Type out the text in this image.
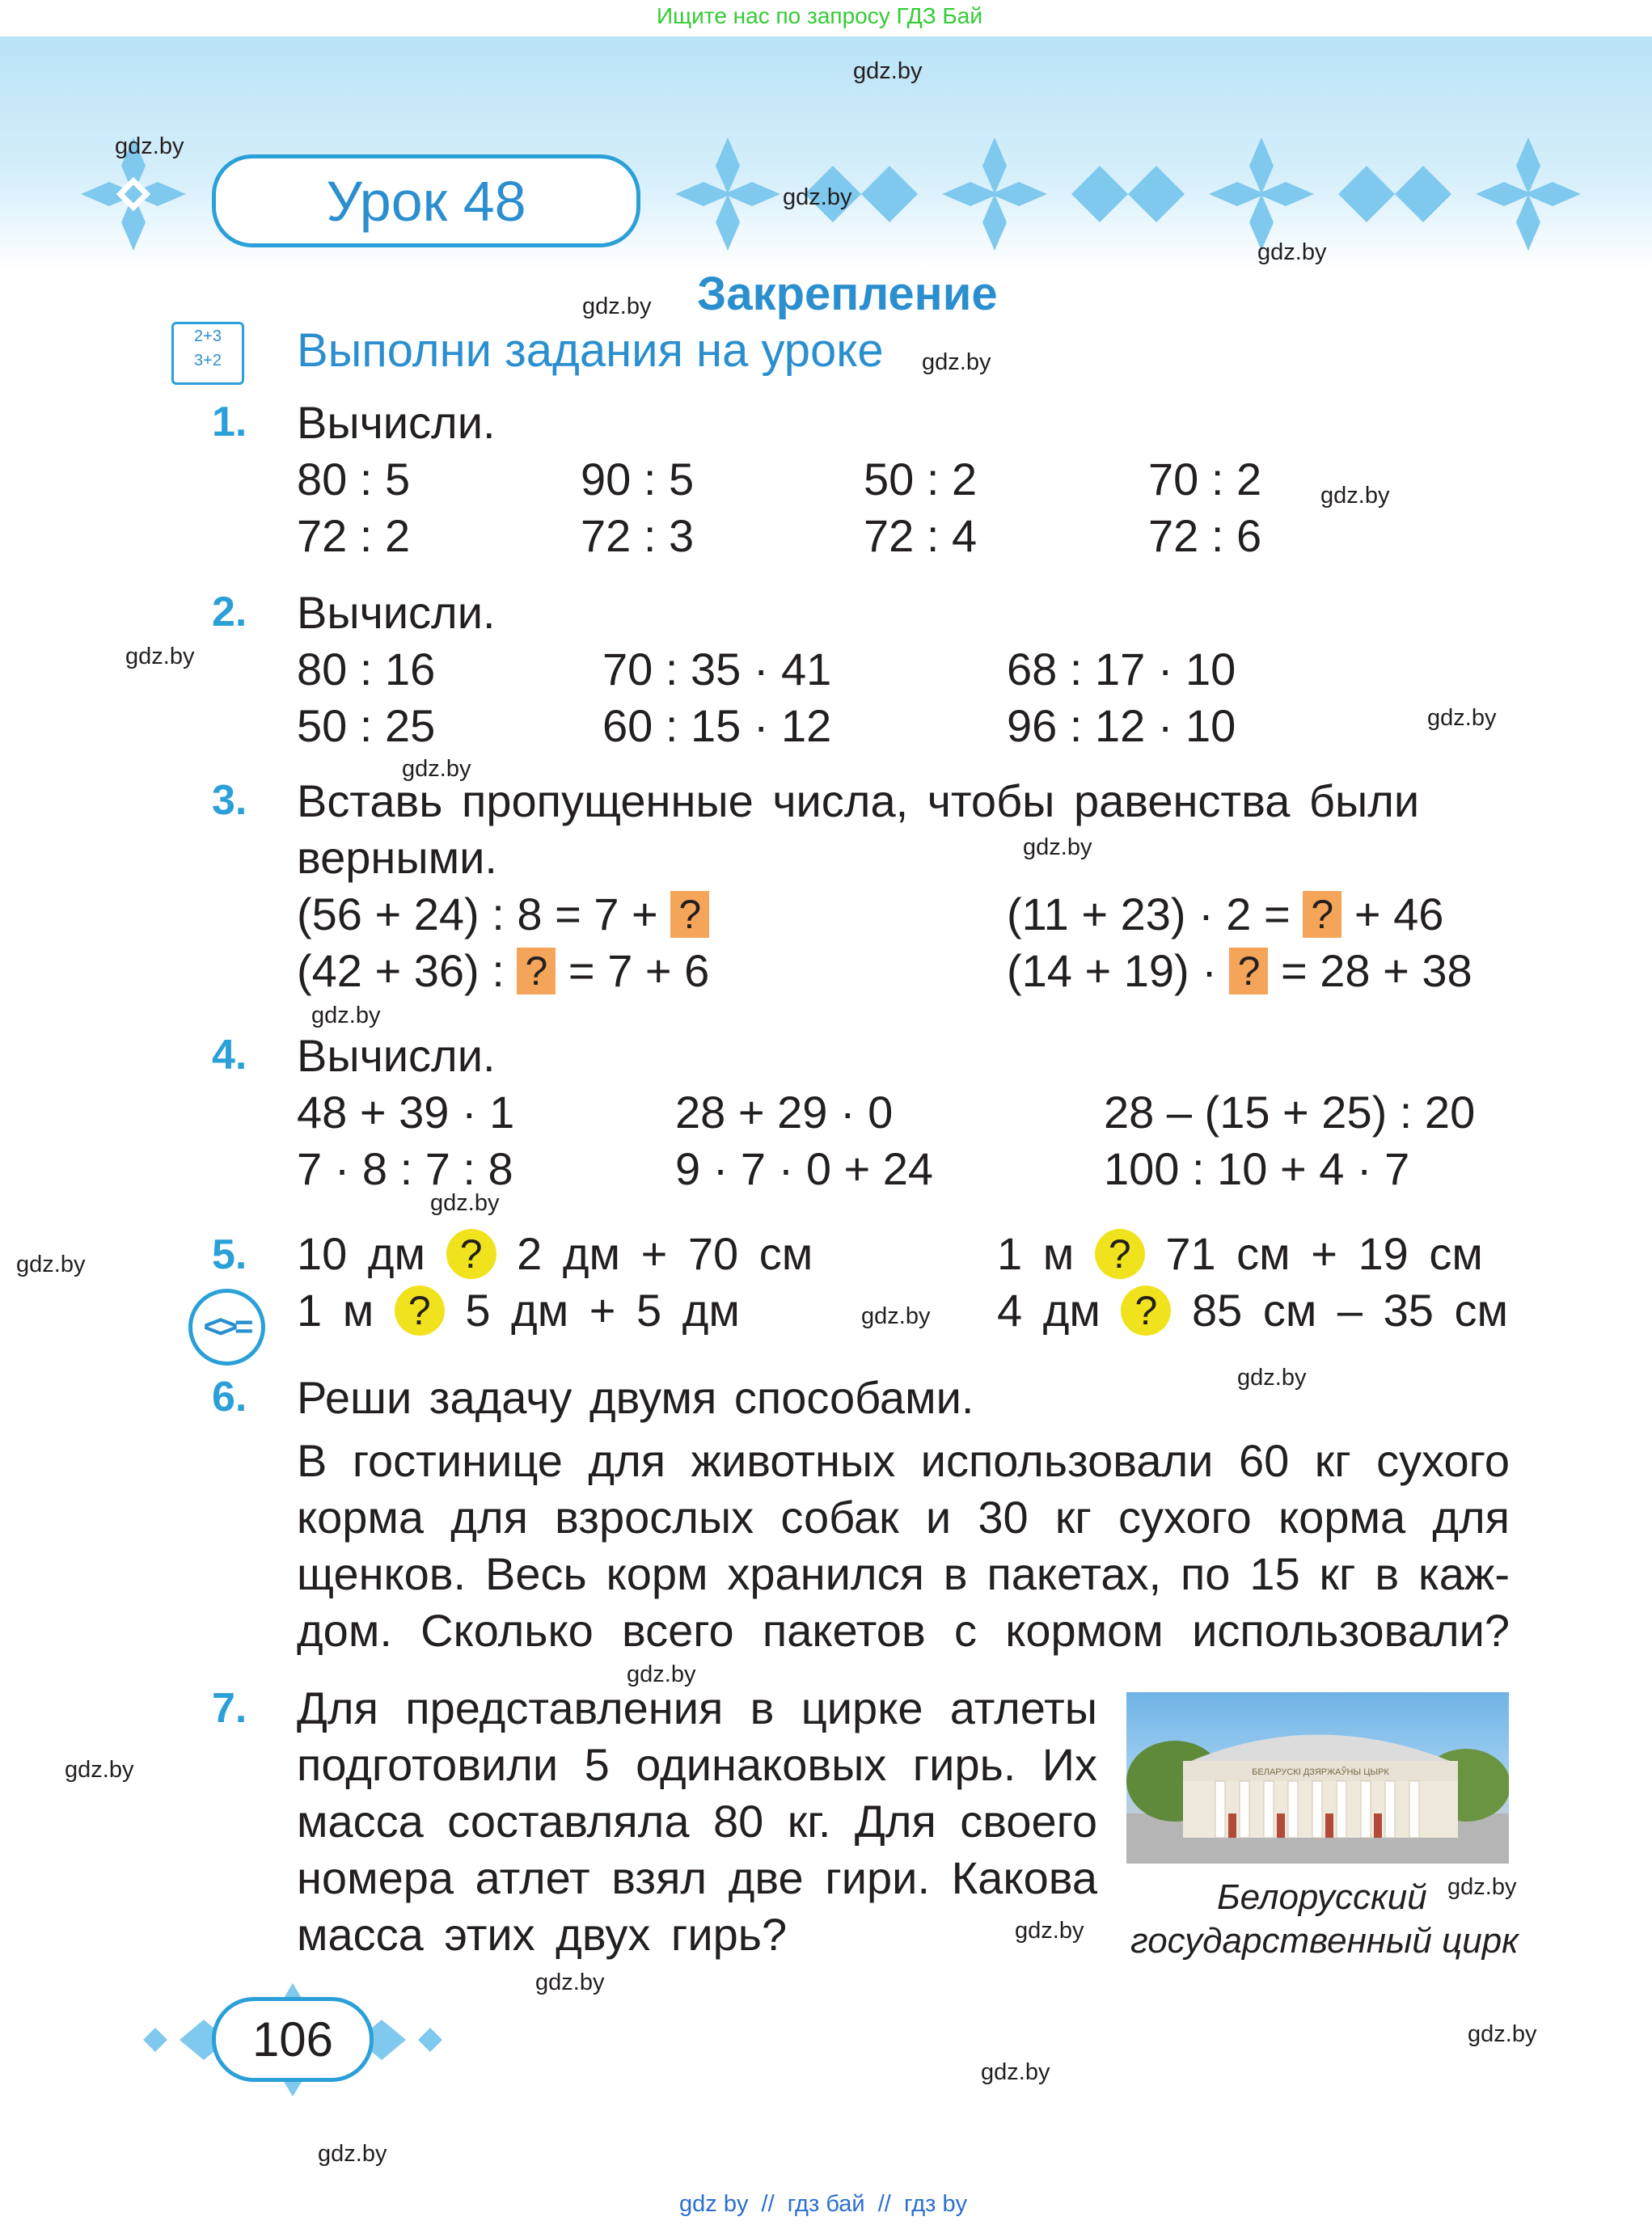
Ищите нас по запросу ГДЗ Бай
Урок 48
Закрепление
2+3
3+2	Выполни задания на уроке
1. Вычисли.
80 : 5	90 : 5	50 : 2	70 : 2
72 : 2	72 : 3	72 : 4	72 : 6
2. Вычисли.
80 : 16	70 : 35 · 41	68 : 17 · 10
50 : 25	60 : 15 · 12	96 : 12 · 10
3. Вставь пропущенные числа, чтобы равенства были
верными.
(56 + 24) : 8 = 7 + ?	(11 + 23) · 2 = ? + 46
(42 + 36) : ? = 7 + 6	(14 + 19) · ? = 28 + 38
4. Вычисли.
48 + 39 · 1	28 + 29 · 0	28 – (15 + 25) : 20
7 · 8 : 7 : 8	9 · 7 · 0 + 24	100 : 10 + 4 · 7
5.
<>=
10 дм ? 2 дм + 70 см	1 м ? 71 см + 19 см
1 м ? 5 дм + 5 дм	4 дм ? 85 см – 35 см
6. Реши задачу двумя способами.
В гостинице для животных использовали 60 кг сухого
корма для взрослых собак и 30 кг сухого корма для
щенков. Весь корм хранился в пакетах, по 15 кг в каж-
дом. Сколько всего пакетов с кормом использовали?
7. Для представления в цирке атлеты
подготовили 5 одинаковых гирь. Их
масса составляла 80 кг. Для своего
номера атлет взял две гири. Какова
масса этих двух гирь?
БЕЛАРУСКІ ДЗЯРЖАЎНЫ ЦЫРК
Белорусский
государственный цирк
106
gdz.by
gdz.by
gdz.by
gdz.by
gdz.by
gdz.by
gdz.by
gdz.by
gdz.by
gdz.by
gdz.by
gdz.by
gdz.by
gdz.by
gdz.by
gdz.by
gdz.by
gdz.by
gdz.by
gdz.by
gdz.by
gdz.by
gdz.by
gdz.by
gdz by  //  гдз бай  //  гдз by
